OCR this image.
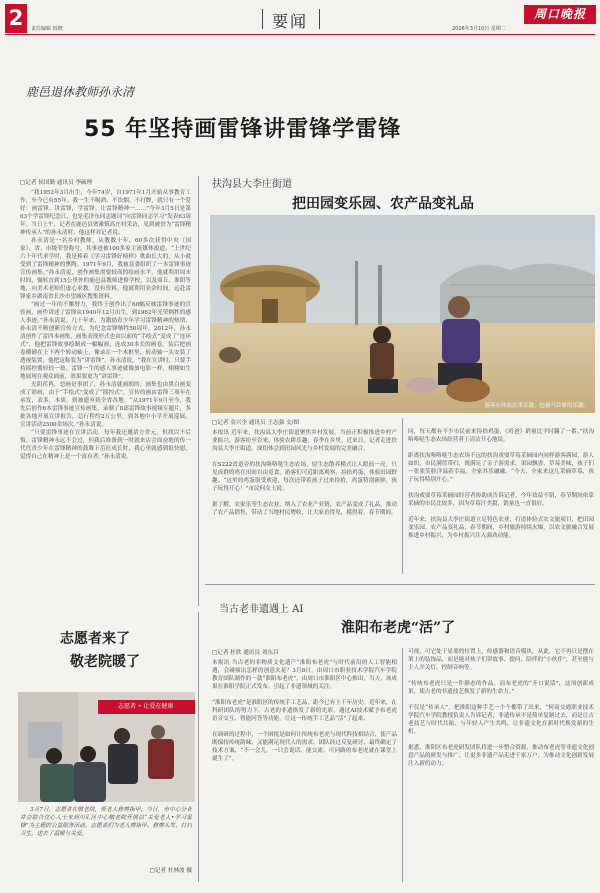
2	责任编辑 韩晓	要闻	周口晚报
2026年3月10日 星期二
鹿邑退休教师孙永清
55 年坚持画雷锋讲雷锋学雷锋
□记者 侯国勤 通讯员 李硕理

“我1952年3月出生，今年74岁，自1971年1月开始从事教育工作，至今已有55年。我一生不喝酒、不饮烟、不打牌，就只有一个爱好：画雷锋、讲雷锋，学雷锋。让雷锋精神一……”今年3月5日是第63个学雷锋纪念日，也是毛泽东同志题词“向雷锋同志学习”发表63周年。当日上午，记者在鹿邑县贾滩镇高庄村采访，见到被誉为“雷锋精神传承人”的孙永清时，他这样对记者说。

孙永清是一名乡村教师，从教数十年，60多次获得中央（国家）、省、市级荣誉称号，其事迹被100多家主流媒体报道。“上世纪六十年代求学时，我是捧着《学习雷锋好榜样》歌曲长大的，从小就受到了雷锋精神的熏陶。1971年9月，我被县委组织了一本雷锋事迹宣传画集。”孙永清说，创作画集需要较高的绘画水平，他就利用周末时间，辗转直到15公里外的鹿邑县教师进修学校，以及商丘、淮阳等地，向美术老师们虚心求教。没有资料，他就利用业余时间，远赴雷锋家乡湖南省长沙市望城区搜集资料。

“画过一年的不懈努力，我终于创作出了60幅反映雷锋事迹的宣传画，画作讲述了雷锋从1940年12月出生，到1962年光荣牺牲的感人事迹。”孙永清说。几十年来，为激励青少年学习雷锋精神的热情，孙永清不断创新宣传方式。为纪念雷锋牺牲50周年，2012年，孙永清创作了雷四本画集，画集表现形式也由以前的“手绘式”变成了“连环式”，他把雷锋故事绘制成一幅幅画，连成30本长的画卷，装后把画卷横铺在上下两个转动轴上，像录在一个木框里，转动轴一头安装了透视装置，他把这称装为“讲雷锋”。孙永清说，“我在宣讲时，只要手持摇控器轻轻一按，雷锋一生的感人事迹就像放电影一样，栩栩如生地展现在观众面前，效果要更为“讲雷锋”。

光阴荏苒，恋画是事团了，孙永清就画朗的；画集也由黑白画变成了彩画，由于“手绘式”变成了“摇控式”，宣传的画由雷锋三项年在承发，表多，本质。到被遗弃到全省各地。“从1971年9月至今，我先后创作6本雷锋事迹宣传画集，录制了8部雷锋故事视频专题片，多批各地开展宣讲报告，总行程约2万公里，到各地中小学开展巡展、宣讲活动2500余场次。”孙永清说。

“只要雷锋事迹在宣讲活动，每年我还邀请方舍元，但找以不后悔。雷锋精神永远不会过，但我后准备到一时就来店会面奋地的传一代代青少年在雷锋精神的鼓舞下茁壮成长时，我心里就感到很快慰，觉得自己在精神上是一个富有者。”孙永清说。

扶沟县大李庄街道
把田园变乐园、农产品变礼品
游客在体验农事乐趣，挖掘马铃薯的乐趣。
□记者 金兴全 通讯员 王志强 文/图

本报讯 近年来，扶沟县大李庄街道聚焦乡村发展，当前正积极推进乡村产业振兴，游客纷至沓来，体验农耕乐趣，春季在乡里，近来日，记者走进扶沟县大李庄街道，深切体会到田园风光与乡村发展的完美融合。

在S222省道旁的扶沟咯咯哒生态农场，原生态散养模式让人眼前一亮。只见成群的鸡在田间自由觅食，游客们可近距离观察、捡拾鸡蛋，体验田园野趣。“这里的鸡蛋很受欢迎，每次还带着孩子过来捡拾，鸡蛋特别新鲜，孩子玩得开心！”市民何女士说。

据了解，农家乐等生态农业，纳入了农业产业链，农产品变成了礼品，推动了农产品销售，带动了当地村民增收，让大家看得见，摸得着，春节期间。

同，每天都有不少市民前来捡拾鸡蛋，《鸡爸》销量比平时翻了一番。”扶沟咯咯哒生态农场经营者王清洁开心地说。

距离扶沟咯咯哒生态农场不远的扶沟戏耍草莓采摘园内同样游客满园，游人如织，市民满筐带归，既满足了亲子游需求，果园飘香、草莓美味，孩子们一张张笑脸洋溢着幸福，全家其乐融融。“今天，全家来这儿采摘草莓，孩子玩得特别开心。”

扶沟戏耍草莓采摘园经营者协助成告诉记者，今年效益不错，春节期间依靠采摘的市民比较多，因为草莓汁美甜，销量也一直很好。

近年来，扶沟县大李庄街道立足特色农业，打造体验式农文旅项目，把田园变乐园、农产品变礼品，春节期间，乡村旅游持续火爆，以农文旅融合发展推进乡村振兴，为乡村振兴注入强劲动能。

志愿者来了
敬老院暖了
志愿者 • 让爱在健康

3月7日，志愿者在敬老院，帮老人修剪指甲。当日，市中心分业并会联合党心人士来到川汇区中心敬老院开展以“关爱老人•学习雷锋”为主题的公益服务活动。志愿者们为老人剪指甲、修剪头发、打扫卫生，送去了温暖与关爱。

□记者 杜林波 摄
当古老非遗遇上 AI
淮阳布老虎“活”了
□记者 杜欣 通讯员 刘东昌

本报讯 当古老的非物质文化遗产“淮阳布老虎”与时代前沿的人工智能相遇，会碰撞出怎样的创意火花？3月8日，由周口市职业技术学院汽车学院教育团队制作的一款“淮阳布老虎”，由周口市淮阳区中心推出，当天，该成果在淮阳学院正式发布，引起了非遗领域的关注。

“淮阳布老虎”是淮阳区的传统手工艺品，距今已有上千年历史。近年来，在科研团队的努力下，古老的非遗焕发了新的光彩，通过AI技术赋予布老虎语音交互、智能问答等功能，让这一传统手工艺品“活”了起来。

在调研的过程中，一个困扰是如何让传统布老虎与现代科技相结合，使产品既保持传统韵味，又能满足现代人的需求。团队经过反复研讨，最终确定了技术方案，“不一会儿，一只会说话、能交流、可问路的布老虎就在课堂上诞生了”。

可视，可它处于显要的位置上，传感器和语音模块，从此，它不再只是摆在架上的装饰品，而是能对孩子们讲故事、提问、陪伴的“小伙伴”，甚至能与主人开关灯、控制音响等。

“传统布老虎只是一件静态的作品，而布老虎的“开口说话”，这项创新成果，使古老的非遗技艺焕发了新的生命力。”

不仅是“传承人”，把淮阳这种手艺一个个都带了出来，“何南交通职业技术学院汽车学院教授负责人告诉记者，非遗传承不是简单复制过去，而是让古老技艺与时代共振、与年轻人产生共鸣，让非遗文化在新时代焕发新的生机。

据悉，淮阳区布老虎研发团队将进一步整合资源，推动布老虎等非遗文化创意产品的研发与推广，让更多非遗产品走进千家万户，为推动文化创新发展注入新的动力。
